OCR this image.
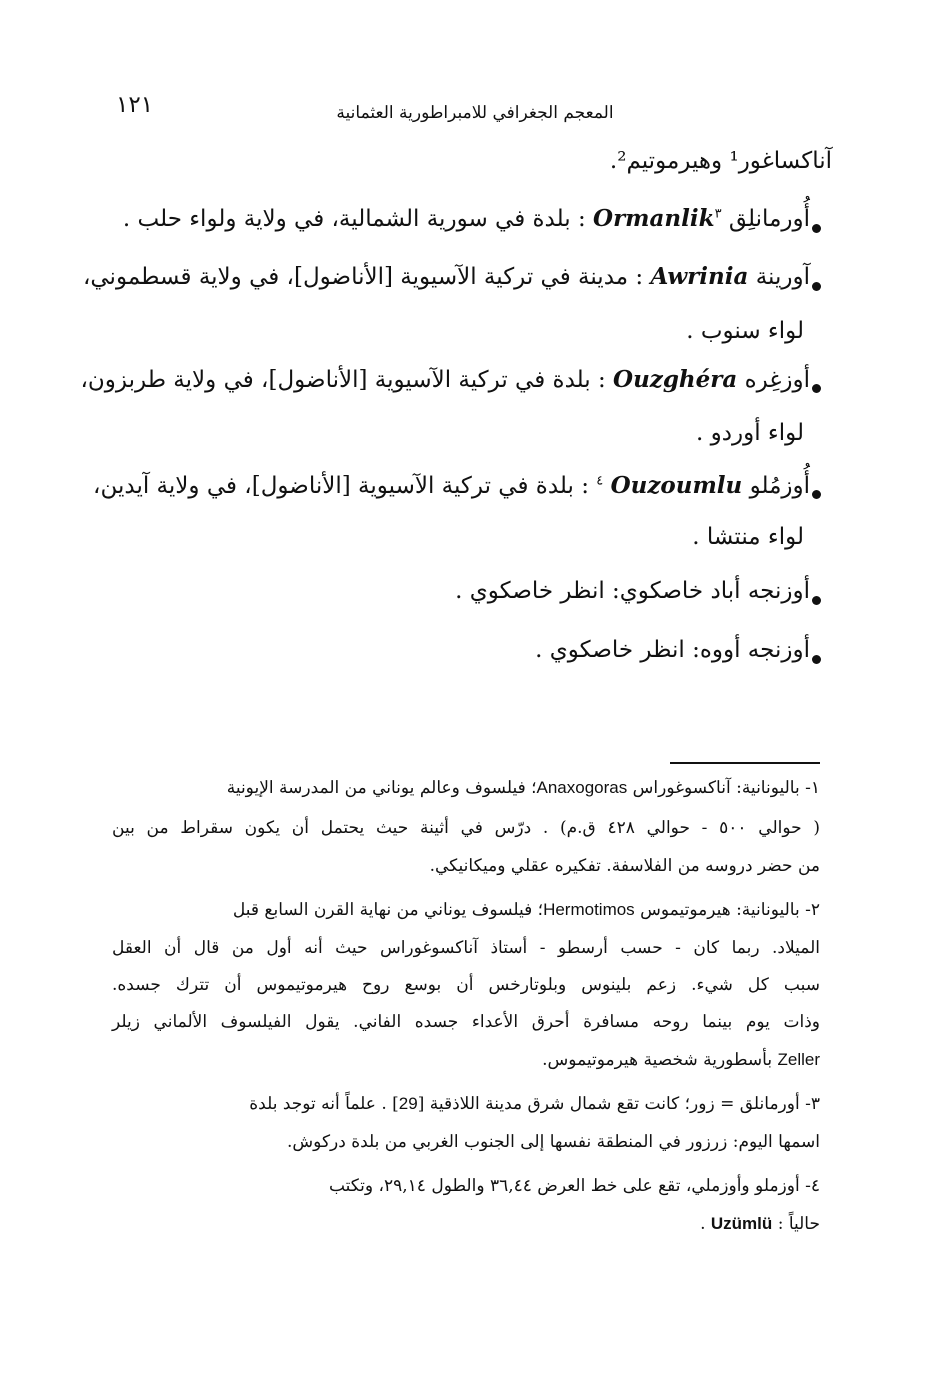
١٢١	المعجم الجغرافي للامبراطورية العثمانية
آناكساغور¹ وهيرموتيم².
أُورمانلِق Ormanlik$^٣$ : بلدة في سورية الشمالية، في ولاية ولواء حلب .
آورينة Awrinia : مدينة في تركية الآسيوية [الأناضول]، في ولاية قسطموني،
لواء سنوب .
أوزغِره Ouzghéra : بلدة في تركية الآسيوية [الأناضول]، في ولاية طربزون،
لواء أوردو .
أُوزمُلو Ouzoumlu $^٤$ : بلدة في تركية الآسيوية [الأناضول]، في ولاية آيدين،
لواء منتشا .
أوزنجه أباد خاصكوي: انظر خاصكوي .
أوزنجه أووه: انظر خاصكوي .
١- باليونانية: آناكسوغوراس Anaxogoras؛ فيلسوف وعالم يوناني من المدرسة الإيونية
( حوالي ٥٠٠ - حوالي ٤٢٨ ق.م) . درّس في أثينة حيث يحتمل أن يكون سقراط من بين
من حضر دروسه من الفلاسفة. تفكيره عقلي وميكانيكي.
٢- باليونانية: هيرموتيموس Hermotimos؛ فيلسوف يوناني من نهاية القرن السابع قبل
الميلاد. ربما كان - حسب أرسطو - أستاذ آناكسوغوراس حيث أنه أول من قال أن العقل
سبب كل شيء. زعم بلينوس وبلوتارخس أن بوسع روح هيرموتيموس أن تترك جسده.
وذات يوم بينما روحه مسافرة أحرق الأعداء جسده الفاني. يقول الفيلسوف الألماني زيلر
Zeller بأسطورية شخصية هيرموتيموس.
٣- أورمانلق = زور؛ كانت تقع شمال شرق مدينة اللاذقية [29] . علماً أنه توجد بلدة
اسمها اليوم: زرزور في المنطقة نفسها إلى الجنوب الغربي من بلدة دركوش.
٤- أوزملو وأوزملي، تقع على خط العرض ٣٦,٤٤ والطول ٢٩,١٤، وتكتب
حالياً : Uzümlü .
